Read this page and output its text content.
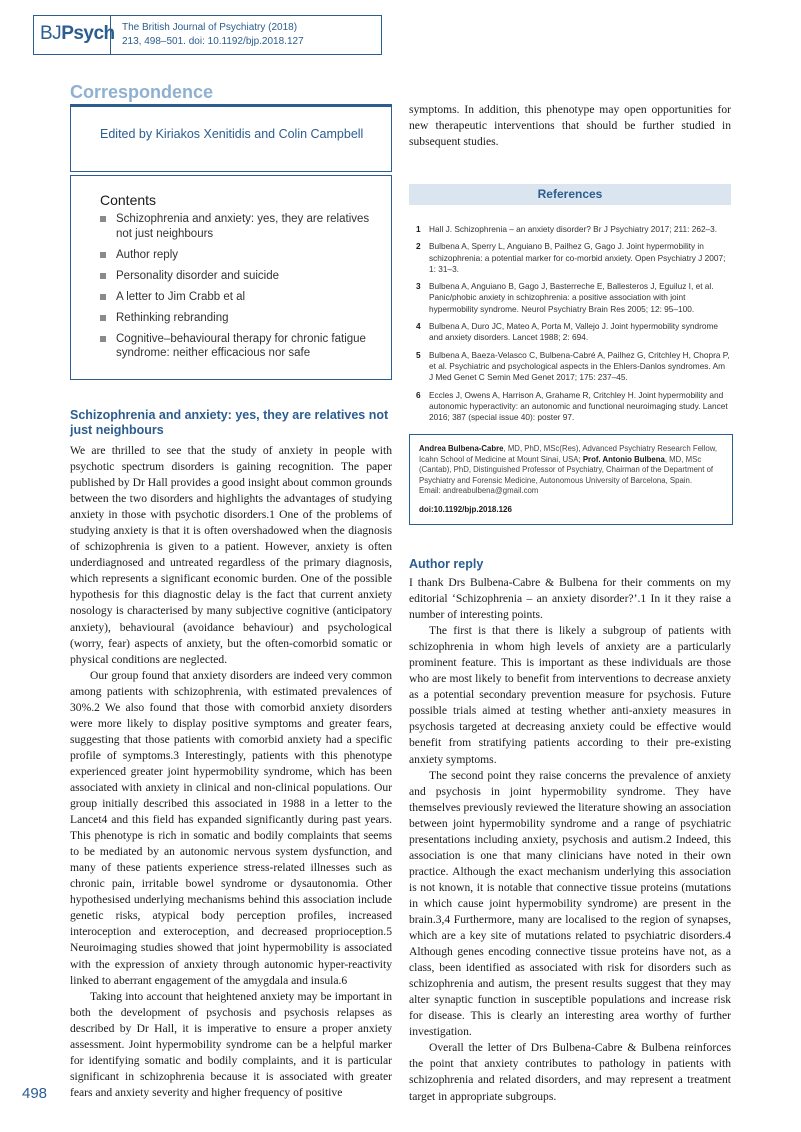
BJPsych The British Journal of Psychiatry (2018)
213, 498–501. doi: 10.1192/bjp.2018.127
Correspondence
Edited by Kiriakos Xenitidis and Colin Campbell
Contents
Schizophrenia and anxiety: yes, they are relatives not just neighbours
Author reply
Personality disorder and suicide
A letter to Jim Crabb et al
Rethinking rebranding
Cognitive–behavioural therapy for chronic fatigue syndrome: neither efficacious nor safe
Schizophrenia and anxiety: yes, they are relatives not just neighbours

We are thrilled to see that the study of anxiety in people with psychotic spectrum disorders is gaining recognition. The paper published by Dr Hall provides a good insight about common grounds between the two disorders and highlights the advantages of studying anxiety in those with psychotic disorders.1 One of the problems of studying anxiety is that it is often overshadowed when the diagnosis of schizophrenia is given to a patient. However, anxiety is often underdiagnosed and untreated regardless of the primary diagnosis, which represents a significant economic burden. One of the possible hypothesis for this diagnostic delay is the fact that current anxiety nosology is characterised by many subjective cognitive (anticipatory anxiety), behavioural (avoidance behaviour) and psychological (worry, fear) aspects of anxiety, but the often-comorbid somatic or physical conditions are neglected.

Our group found that anxiety disorders are indeed very common among patients with schizophrenia, with estimated prevalences of 30%.2 We also found that those with comorbid anxiety disorders were more likely to display positive symptoms and greater fears, suggesting that those patients with comorbid anxiety had a specific profile of symptoms.3 Interestingly, patients with this phenotype experienced greater joint hypermobility syndrome, which has been associated with anxiety in clinical and non-clinical populations. Our group initially described this associated in 1988 in a letter to the Lancet4 and this field has expanded significantly during past years. This phenotype is rich in somatic and bodily complaints that seems to be mediated by an autonomic nervous system dysfunction, and many of these patients experience stress-related illnesses such as chronic pain, irritable bowel syndrome or dysautonomia. Other hypothesised underlying mechanisms behind this association include genetic risks, atypical body perception profiles, increased interoception and exteroception, and decreased proprioception.5 Neuroimaging studies showed that joint hypermobility is associated with the expression of anxiety through autonomic hyper-reactivity linked to aberrant engagement of the amygdala and insula.6

Taking into account that heightened anxiety may be important in both the development of psychosis and psychosis relapses as described by Dr Hall, it is imperative to ensure a proper anxiety assessment. Joint hypermobility syndrome can be a helpful marker for identifying somatic and bodily complaints, and it is particular significant in schizophrenia because it is associated with greater fears and anxiety severity and higher frequency of positive

symptoms. In addition, this phenotype may open opportunities for new therapeutic interventions that should be further studied in subsequent studies.

References
1 Hall J. Schizophrenia – an anxiety disorder? Br J Psychiatry 2017; 211: 262–3.
2 Bulbena A, Sperry L, Anguiano B, Pailhez G, Gago J. Joint hypermobility in schizophrenia: a potential marker for co-morbid anxiety. Open Psychiatry J 2007; 1: 31–3.
3 Bulbena A, Anguiano B, Gago J, Basterreche E, Ballesteros J, Eguiluz I, et al. Panic/phobic anxiety in schizophrenia: a positive association with joint hypermobility syndrome. Neurol Psychiatry Brain Res 2005; 12: 95–100.
4 Bulbena A, Duro JC, Mateo A, Porta M, Vallejo J. Joint hypermobility syndrome and anxiety disorders. Lancet 1988; 2: 694.
5 Bulbena A, Baeza-Velasco C, Bulbena-Cabré A, Pailhez G, Critchley H, Chopra P, et al. Psychiatric and psychological aspects in the Ehlers-Danlos syndromes. Am J Med Genet C Semin Med Genet 2017; 175: 237–45.
6 Eccles J, Owens A, Harrison A, Grahame R, Critchley H. Joint hypermobility and autonomic hyperactivity: an autonomic and functional neuroimaging study. Lancet 2016; 387 (special issue 40): poster 97.
Andrea Bulbena-Cabre, MD, PhD, MSc(Res), Advanced Psychiatry Research Fellow, Icahn School of Medicine at Mount Sinai, USA; Prof. Antonio Bulbena, MD, MSc (Cantab), PhD, Distinguished Professor of Psychiatry, Chairman of the Department of Psychiatry and Forensic Medicine, Autonomous University of Barcelona, Spain.
Email: andreabulbena@gmail.com
doi:10.1192/bjp.2018.126
Author reply

I thank Drs Bulbena-Cabre & Bulbena for their comments on my editorial ‘Schizophrenia – an anxiety disorder?’.1 In it they raise a number of interesting points.

The first is that there is likely a subgroup of patients with schizophrenia in whom high levels of anxiety are a particularly prominent feature. This is important as these individuals are those who are most likely to benefit from interventions to decrease anxiety as a potential secondary prevention measure for psychosis. Future possible trials aimed at testing whether anti-anxiety measures in psychosis targeted at decreasing anxiety could be effective would benefit from stratifying patients according to their pre-existing anxiety symptoms.

The second point they raise concerns the prevalence of anxiety and psychosis in joint hypermobility syndrome. They have themselves previously reviewed the literature showing an association between joint hypermobility syndrome and a range of psychiatric presentations including anxiety, psychosis and autism.2 Indeed, this association is one that many clinicians have noted in their own practice. Although the exact mechanism underlying this association is not known, it is notable that connective tissue proteins (mutations in which cause joint hypermobility syndrome) are present in the brain.3,4 Furthermore, many are localised to the region of synapses, which are a key site of mutations related to psychiatric disorders.4 Although genes encoding connective tissue proteins have not, as a class, been identified as associated with risk for disorders such as schizophrenia and autism, the present results suggest that they may alter synaptic function in susceptible populations and increase risk for disease. This is clearly an interesting area worthy of further investigation.

Overall the letter of Drs Bulbena-Cabre & Bulbena reinforces the point that anxiety contributes to pathology in patients with schizophrenia and related disorders, and may represent a treatment target in appropriate subgroups.

498
